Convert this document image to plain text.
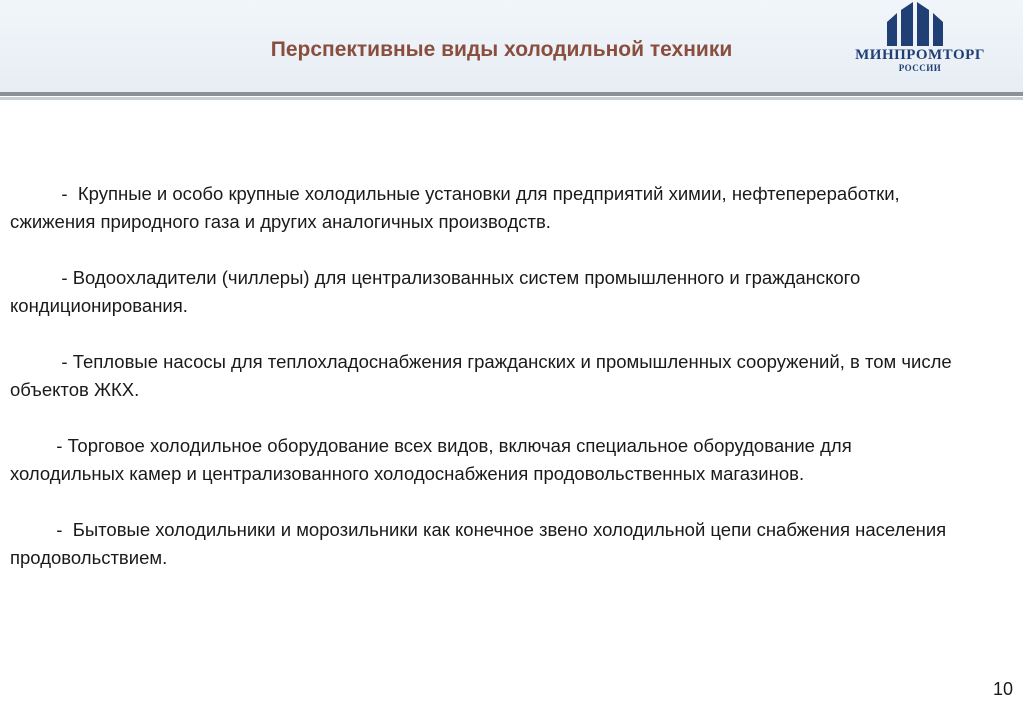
Перспективные виды холодильной техники	МИНПРОМТОРГ
РОССИИ

-  Крупные и особо крупные холодильные установки для предприятий химии, нефтепереработки, сжижения природного газа и других аналогичных производств.

- Водоохладители (чиллеры) для централизованных систем промышленного и гражданского кондиционирования.

- Тепловые насосы для теплохладоснабжения гражданских и промышленных сооружений, в том числе объектов ЖКХ.

- Торговое холодильное оборудование всех видов, включая специальное оборудование для холодильных камер и централизованного холодоснабжения продовольственных магазинов.

-  Бытовые холодильники и морозильники как конечное звено холодильной цепи снабжения населения продовольствием.

10
